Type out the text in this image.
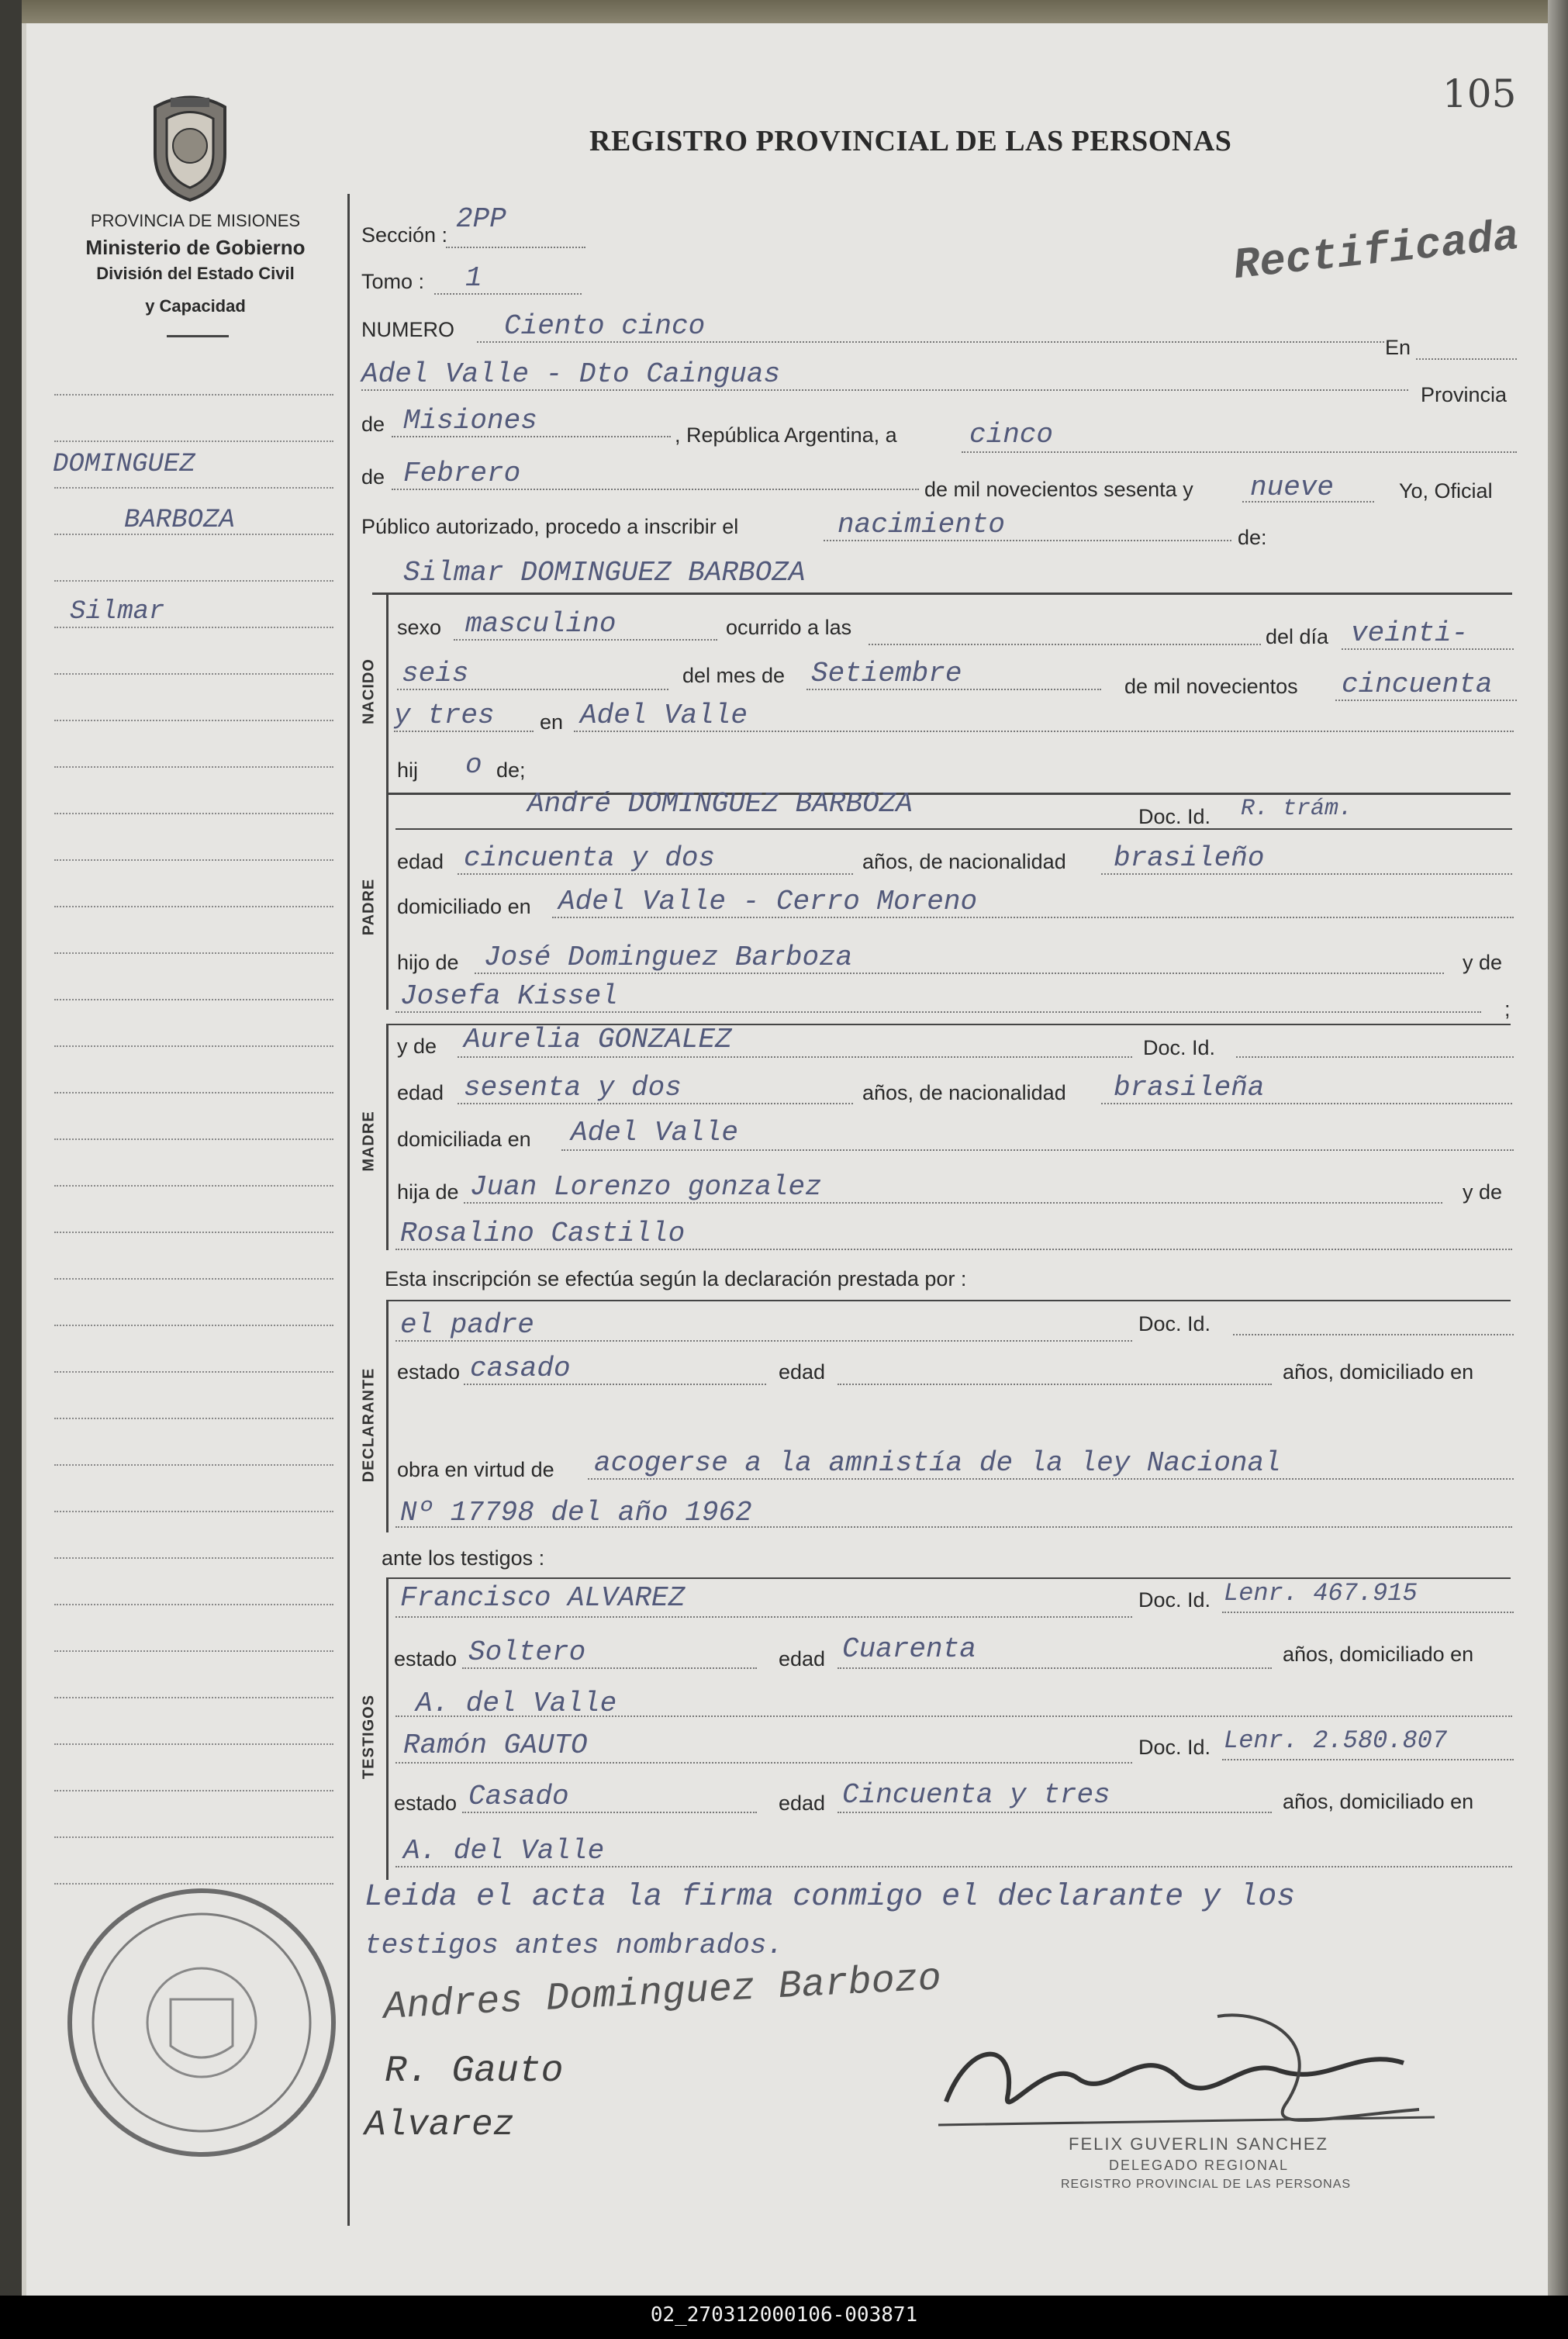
105
PROVINCIA DE MISIONES
Ministerio de Gobierno
División del Estado Civil
y Capacidad
REGISTRO PROVINCIAL DE LAS PERSONAS
Rectificada
DOMINGUEZ
BARBOZA
Silmar
Sección : 2PP
Tomo : 1
NUMERO Ciento cinco
En
Adel Valle - Dto Cainguas
Provincia
de Misiones	, República Argentina, a	cinco
de Febrero	de mil novecientos sesenta y nueve	Yo, Oficial
Público autorizado, procedo a inscribir el	nacimiento	de:
NACIDO
Silmar DOMINGUEZ BARBOZA
sexo masculino	ocurrido a las	del día veinti-
seis	del mes de Setiembre	de mil novecientos cincuenta
y tres en Adel Valle
hij o de;
PADRE
André DOMINGUEZ BARBOZA	Doc. Id. R. trám.
edad cincuenta y dos	años, de nacionalidad brasileño
domiciliado en Adel Valle - Cerro Moreno
hijo de José Dominguez Barboza	y de
Josefa Kissel	;
MADRE
y de Aurelia GONZALEZ	Doc. Id.
edad sesenta y dos	años, de nacionalidad brasileña
domiciliada en Adel Valle
hija de Juan Lorenzo gonzalez	y de
Rosalino Castillo
Esta inscripción se efectúa según la declaración prestada por :
DECLARANTE
el padre	Doc. Id.
estado casado	edad	años, domiciliado en
obra en virtud de acogerse a la amnistía de la ley Nacional
Nº 17798 del año 1962
ante los testigos :
TESTIGOS
Francisco ALVAREZ	Doc. Id. Lenr. 467.915
estado Soltero	edad Cuarenta	años, domiciliado en
A. del Valle
Ramón GAUTO	Doc. Id. Lenr. 2.580.807
estado Casado	edad Cincuenta y tres	años, domiciliado en
A. del Valle
Leida el acta la firma conmigo el declarante y los
testigos antes nombrados.
Andres Dominguez Barbozo
R. Gauto
Alvarez	FELIX GUVERLIN SANCHEZ
DELEGADO REGIONAL
REGISTRO PROVINCIAL DE LAS PERSONAS
02_270312000106-003871
